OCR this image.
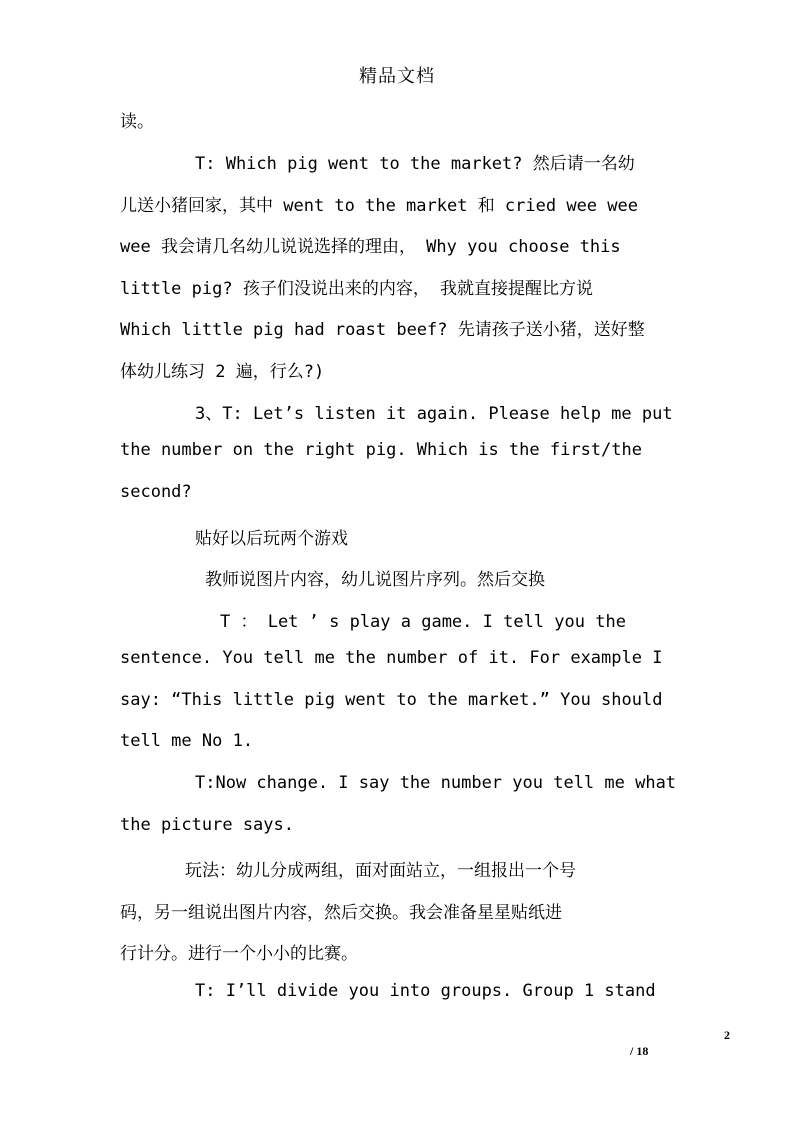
精品文档
读。
T: Which pig went to the market? 然后请一名幼
儿送小猪回家，其中 went to the market 和 cried wee wee
wee 我会请几名幼儿说说选择的理由， Why you choose this
little pig? 孩子们没说出来的内容， 我就直接提醒比方说
Which little pig had roast beef? 先请孩子送小猪，送好整
体幼儿练习 2 遍，行么?)
3、T: Let’s listen it again. Please help me put
the number on the right pig. Which is the first/the
second?
贴好以后玩两个游戏
教师说图片内容，幼儿说图片序列。然后交换
T ： Let ’ s play a game. I tell you the
sentence. You tell me the number of it. For example I
say: “This little pig went to the market.” You should
tell me No 1.
T:Now change. I say the number you tell me what
the picture says.
玩法：幼儿分成两组，面对面站立，一组报出一个号
码，另一组说出图片内容，然后交换。我会准备星星贴纸进
行计分。进行一个小小的比赛。
T: I’ll divide you into groups. Group 1 stand
2
/ 18
